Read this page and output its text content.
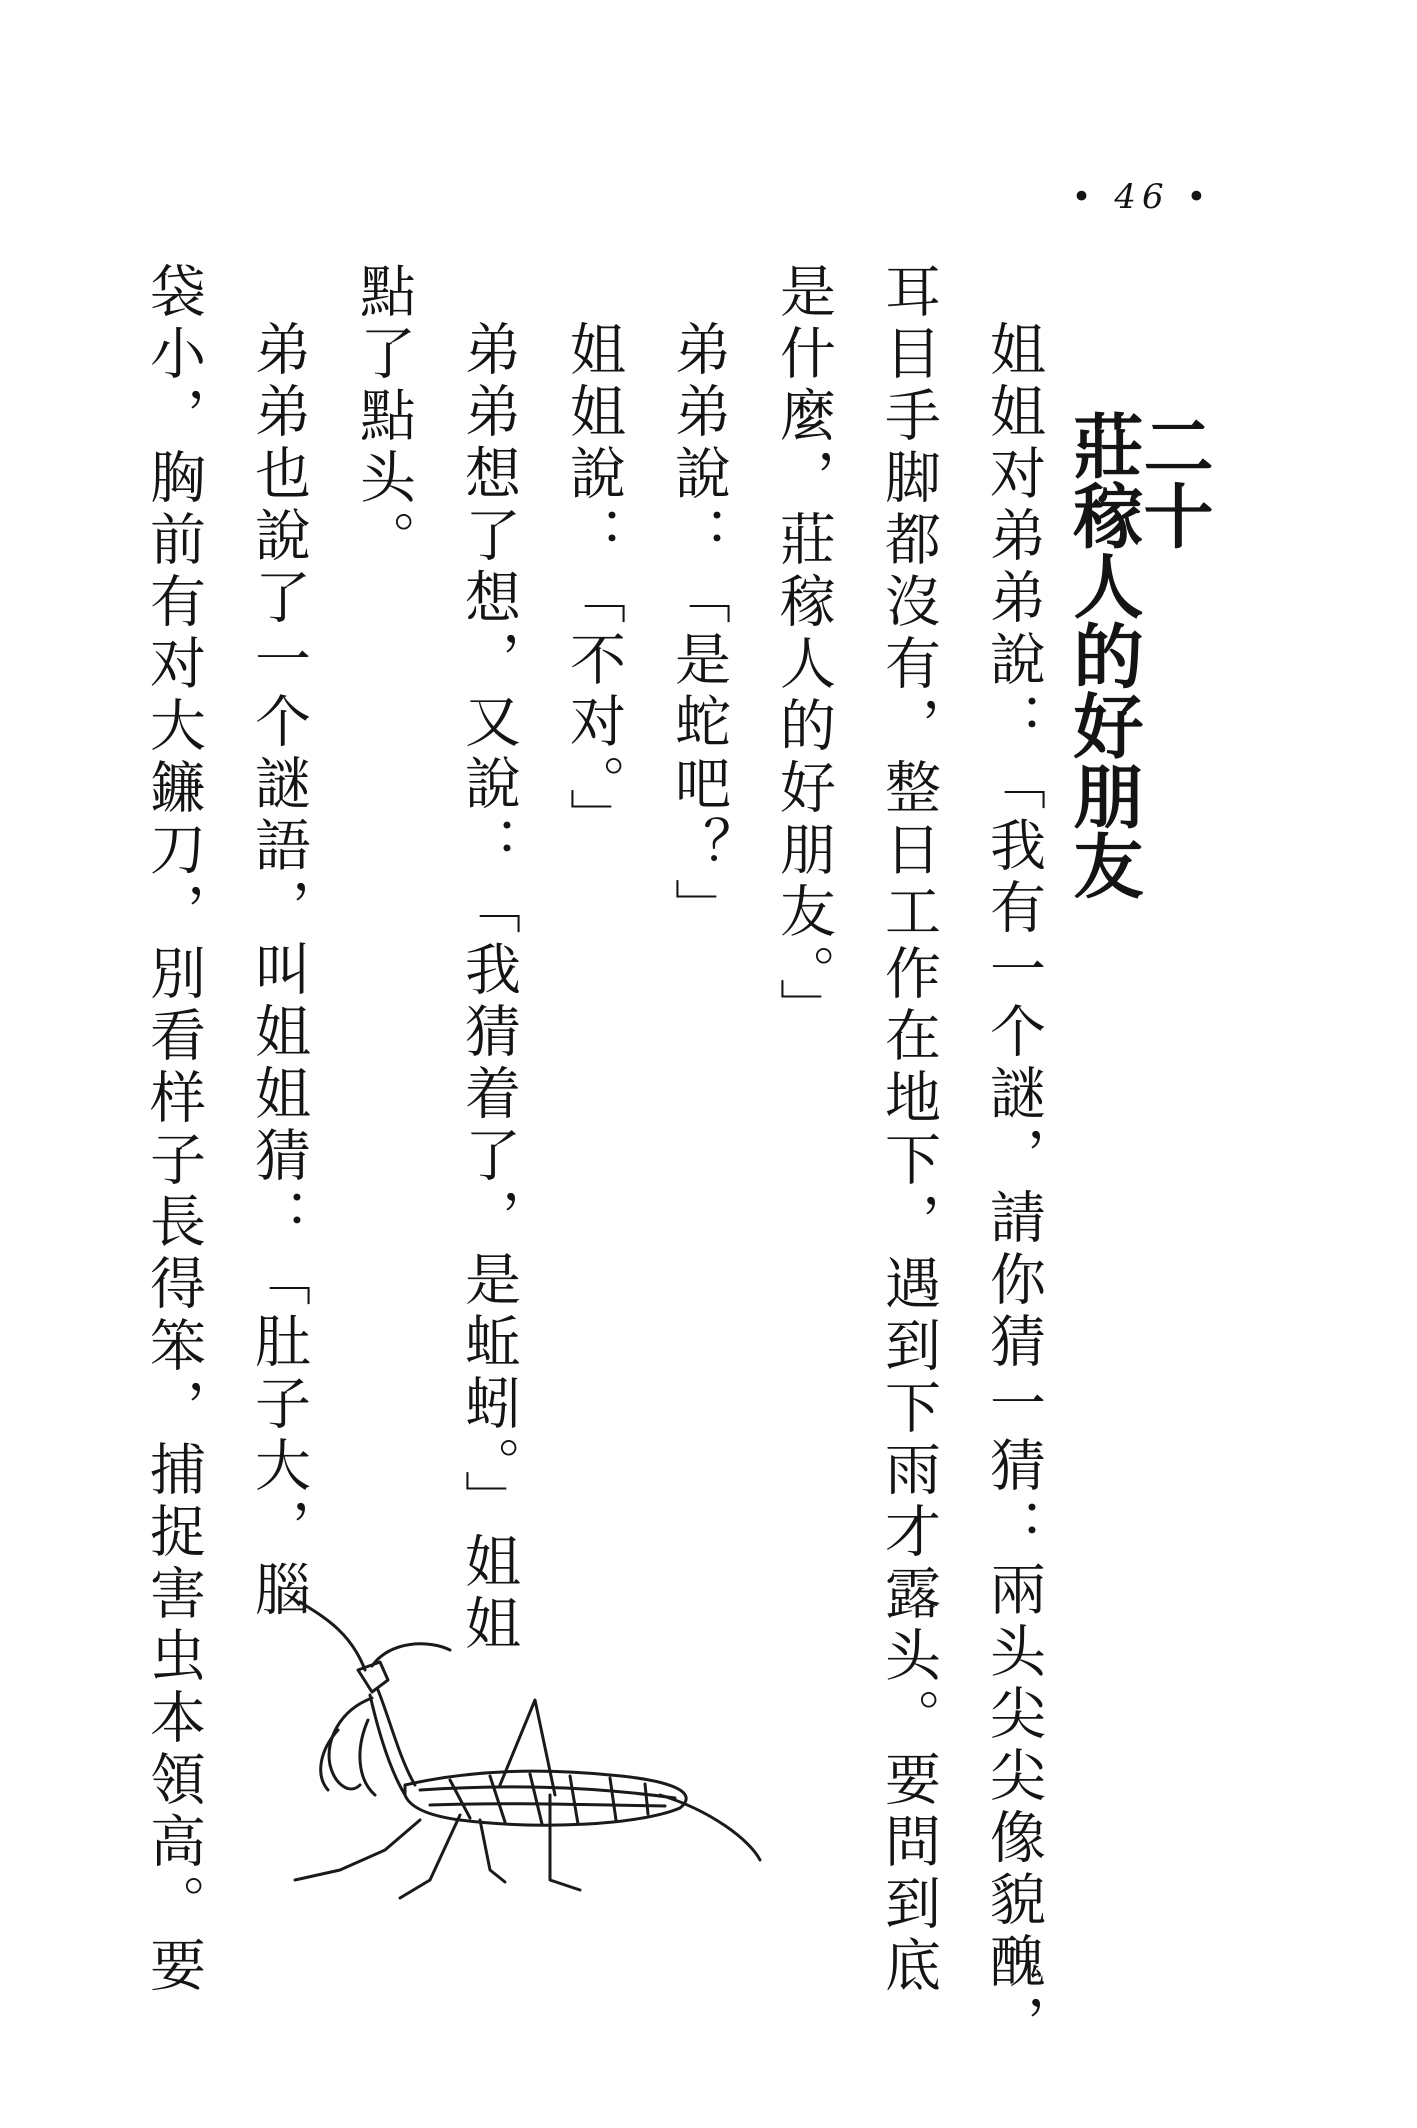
• 46 •
二十
莊稼人的好朋友
姐姐对弟弟說：「我有一个謎，請你猜一猜：兩头尖尖像貌醜，
耳目手脚都沒有，整日工作在地下，遇到下雨才露头。要問到底
是什麼，莊稼人的好朋友。」
弟弟說：「是蛇吧？」
姐姐說：「不对。」
弟弟想了想，又說：「我猜着了，是蚯蚓。」姐姐
點了點头。
弟弟也說了一个謎語，叫姐姐猜：「肚子大，腦
袋小，胸前有对大鐮刀，別看样子長得笨，捕捉害虫本領高。要
